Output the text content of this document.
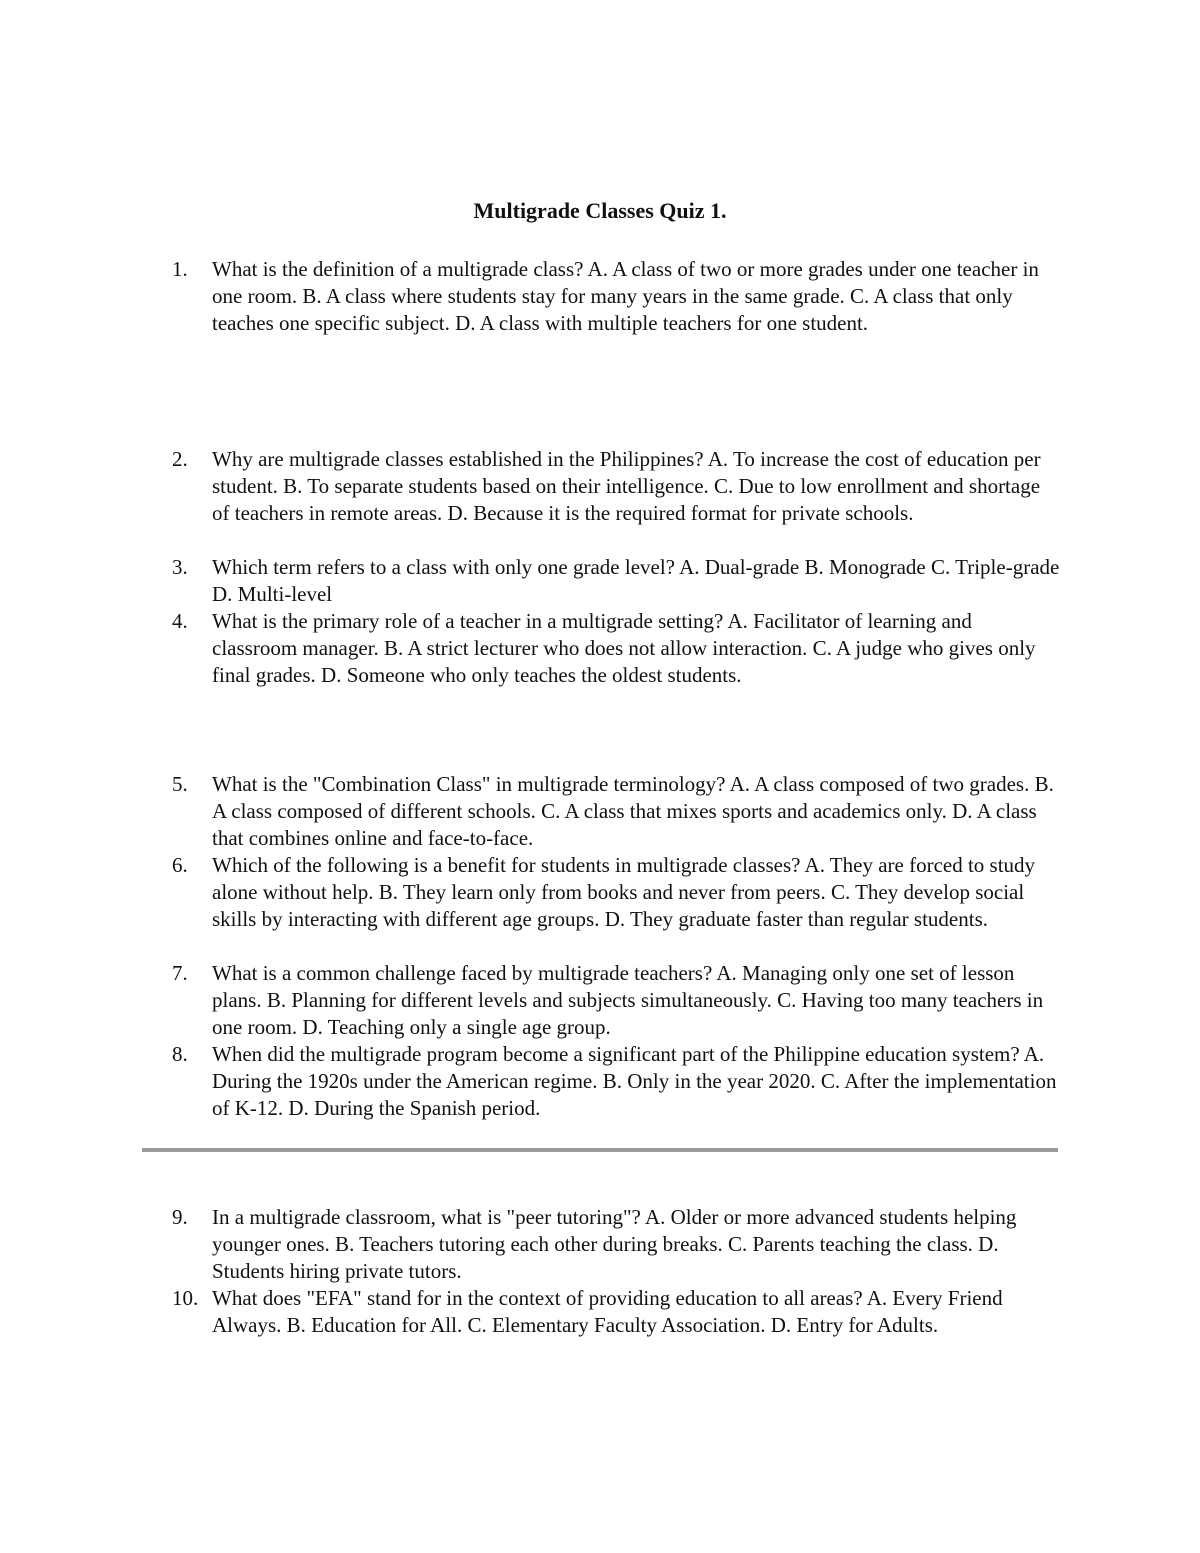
Multigrade Classes Quiz 1.
1.	What is the definition of a multigrade class? A. A class of two or more grades under one teacher in one room. B. A class where students stay for many years in the same grade. C. A class that only teaches one specific subject. D. A class with multiple teachers for one student.
2.	Why are multigrade classes established in the Philippines? A. To increase the cost of education per student. B. To separate students based on their intelligence. C. Due to low enrollment and shortage of teachers in remote areas. D. Because it is the required format for private schools.
3.	Which term refers to a class with only one grade level? A. Dual-grade B. Monograde C. Triple-grade D. Multi-level
4.	What is the primary role of a teacher in a multigrade setting? A. Facilitator of learning and classroom manager. B. A strict lecturer who does not allow interaction. C. A judge who gives only final grades. D. Someone who only teaches the oldest students.
5.	What is the "Combination Class" in multigrade terminology? A. A class composed of two grades. B. A class composed of different schools. C. A class that mixes sports and academics only. D. A class that combines online and face-to-face.
6.	Which of the following is a benefit for students in multigrade classes? A. They are forced to study alone without help. B. They learn only from books and never from peers. C. They develop social skills by interacting with different age groups. D. They graduate faster than regular students.
7.	What is a common challenge faced by multigrade teachers? A. Managing only one set of lesson plans. B. Planning for different levels and subjects simultaneously. C. Having too many teachers in one room. D. Teaching only a single age group.
8.	When did the multigrade program become a significant part of the Philippine education system? A. During the 1920s under the American regime. B. Only in the year 2020. C. After the implementation of K-12. D. During the Spanish period.
9.	In a multigrade classroom, what is "peer tutoring"? A. Older or more advanced students helping younger ones. B. Teachers tutoring each other during breaks. C. Parents teaching the class. D. Students hiring private tutors.
10. What does "EFA" stand for in the context of providing education to all areas? A. Every Friend Always. B. Education for All. C. Elementary Faculty Association. D. Entry for Adults.
